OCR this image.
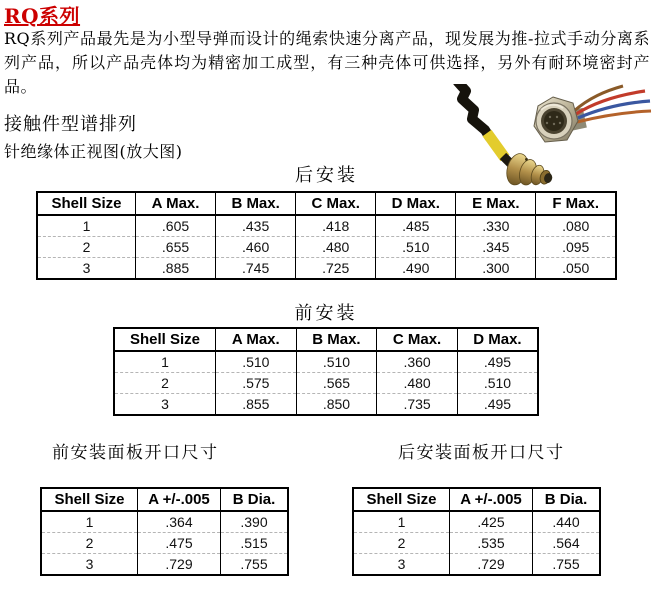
RQ系列
RQ系列产品最先是为小型导弹而设计的绳索快速分离产品，现发展为推-拉式手动分离系列产品，所以产品壳体均为精密加工成型，有三种壳体可供选择，另外有耐环境密封产品。
接触件型谱排列
针绝缘体正视图(放大图)
后安装
Shell Size	A Max.	B Max.	C Max.	D Max.	E Max.	F Max.
1	.605	.435	.418	.485	.330	.080
2	.655	.460	.480	.510	.345	.095
3	.885	.745	.725	.490	.300	.050
前安装
Shell Size	A Max.	B Max.	C Max.	D Max.
1	.510	.510	.360	.495
2	.575	.565	.480	.510
3	.855	.850	.735	.495
前安装面板开口尺寸	后安装面板开口尺寸
Shell Size	A +/-.005	B Dia.
1	.364	.390
2	.475	.515
3	.729	.755
Shell Size	A +/-.005	B Dia.
1	.425	.440
2	.535	.564
3	.729	.755
